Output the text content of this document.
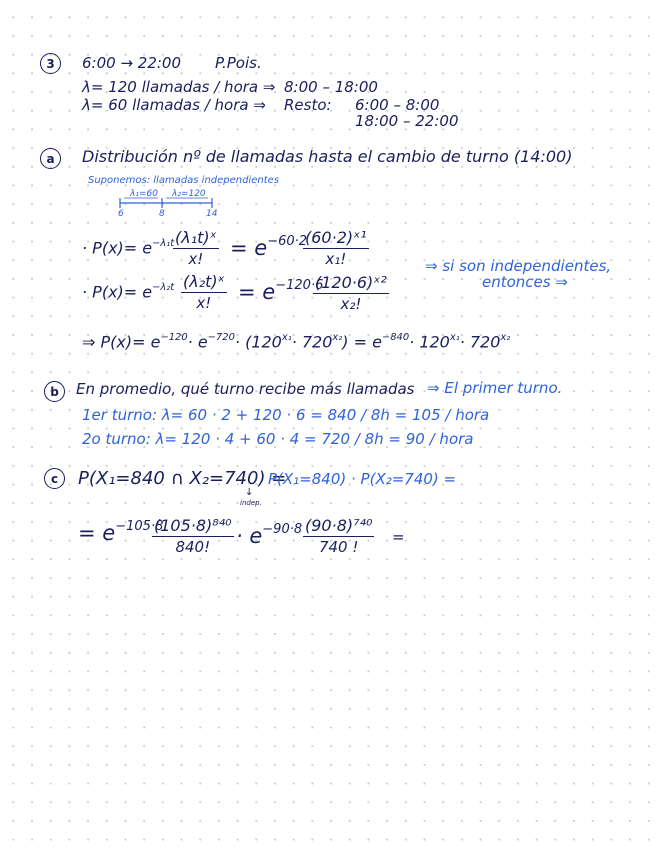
3 6:00 → 22:00 P.Pois.
λ= 120 llamadas / hora ⇒ 8:00 – 18:00
λ= 60 llamadas / hora ⇒ Resto: 6:00 – 8:00
18:00 – 22:00
a Distribución nº de llamadas hasta el cambio de turno (14:00)
Suponemos: llamadas independientes
λ₁=60 λ₂=120
6	8	14
· $P(x)= e^{-\lambda_1t}$ (λ₁t)ˣ
x! = $e^{-60\cdot 2}$
(60·2)ˣ¹
x₁!
· $P(x)= e^{-\lambda_2t}$ (λ₂t)ˣ
x! = $e^{-120\cdot 6}$
(120·6)ˣ²
x₂!
⇒ si son independientes,
entonces ⇒
⇒ $P(x)= e^{-120}\cdot e^{-720}\cdot (120^{x_1}\cdot 720^{x_2}) = e^{-840}\cdot 120^{x_1}\cdot 720^{x_2}$
b En promedio, qué turno recibe más llamadas ⇒ El primer turno.
1er turno: λ= 60 · 2 + 120 · 6 = 840 / 8h = 105 / hora
2o turno: λ= 120 · 4 + 60 · 4 = 720 / 8h = 90 / hora
c P(X₁=840 ∩ X₂=740) =
P(X₁=840) · P(X₂=740) =
↓
indep.
= $e^{-105\cdot 8}$
(105·8)⁸⁴⁰
840! · $e^{-90\cdot 8}$ (90·8)⁷⁴⁰
740 !
=
